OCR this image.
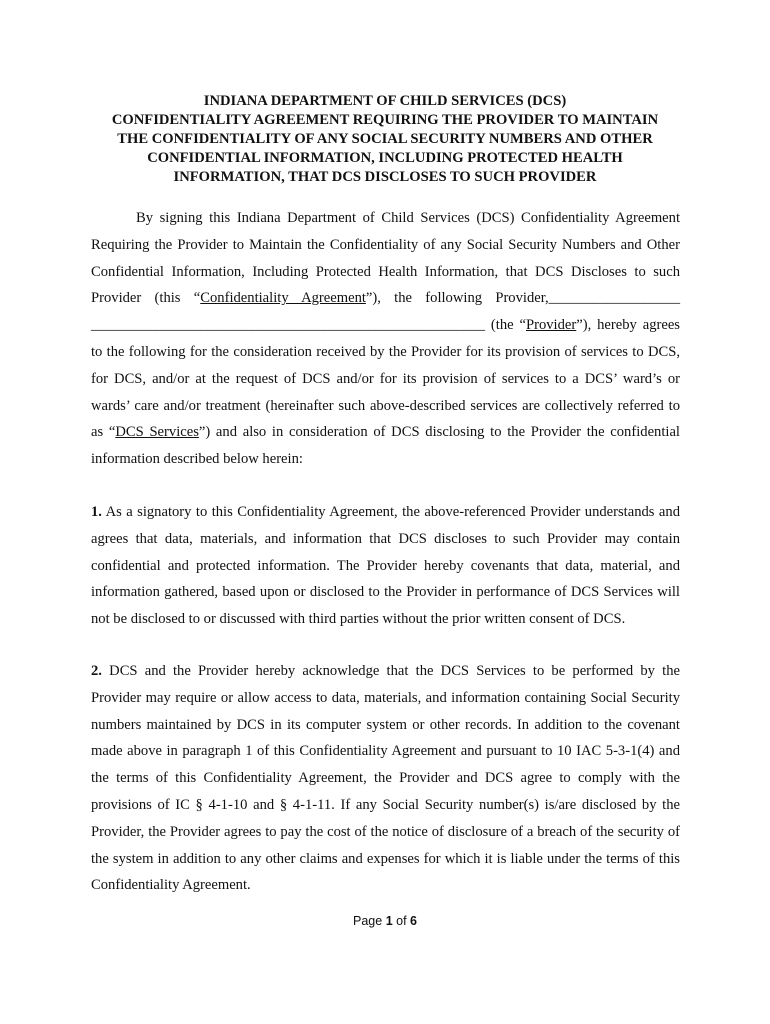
INDIANA DEPARTMENT OF CHILD SERVICES (DCS)
CONFIDENTIALITY AGREEMENT REQUIRING THE PROVIDER TO MAINTAIN
THE CONFIDENTIALITY OF ANY SOCIAL SECURITY NUMBERS AND OTHER
CONFIDENTIAL INFORMATION, INCLUDING PROTECTED HEALTH
INFORMATION, THAT DCS DISCLOSES TO SUCH PROVIDER
By signing this Indiana Department of Child Services (DCS) Confidentiality Agreement Requiring the Provider to Maintain the Confidentiality of any Social Security Numbers and Other Confidential Information, Including Protected Health Information, that DCS Discloses to such Provider (this “Confidentiality Agreement”), the following Provider,__________________ ______________________________________________________ (the “Provider”), hereby agrees to the following for the consideration received by the Provider for its provision of services to DCS, for DCS, and/or at the request of DCS and/or for its provision of services to a DCS’ ward’s or wards’ care and/or treatment (hereinafter such above-described services are collectively referred to as “DCS Services”) and also in consideration of DCS disclosing to the Provider the confidential information described below herein:
1. As a signatory to this Confidentiality Agreement, the above-referenced Provider understands and agrees that data, materials, and information that DCS discloses to such Provider may contain confidential and protected information. The Provider hereby covenants that data, material, and information gathered, based upon or disclosed to the Provider in performance of DCS Services will not be disclosed to or discussed with third parties without the prior written consent of DCS.
2. DCS and the Provider hereby acknowledge that the DCS Services to be performed by the Provider may require or allow access to data, materials, and information containing Social Security numbers maintained by DCS in its computer system or other records. In addition to the covenant made above in paragraph 1 of this Confidentiality Agreement and pursuant to 10 IAC 5-3-1(4) and the terms of this Confidentiality Agreement, the Provider and DCS agree to comply with the provisions of IC § 4-1-10 and § 4-1-11. If any Social Security number(s) is/are disclosed by the Provider, the Provider agrees to pay the cost of the notice of disclosure of a breach of the security of the system in addition to any other claims and expenses for which it is liable under the terms of this Confidentiality Agreement.
Page 1 of 6
